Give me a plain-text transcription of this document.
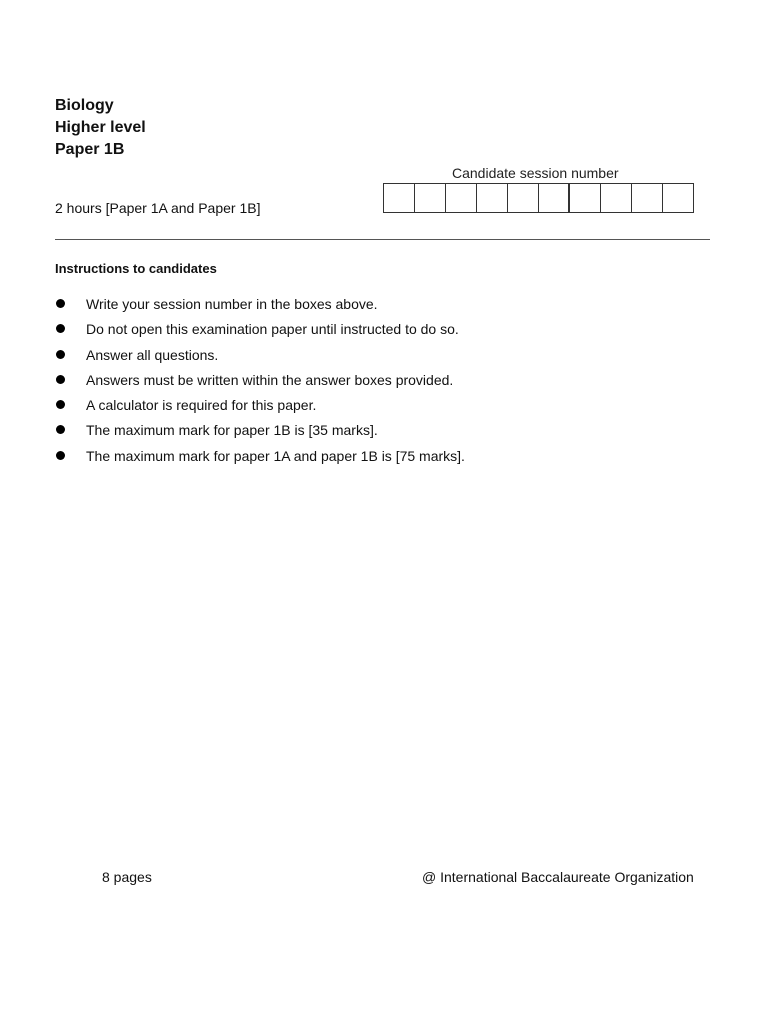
Biology
Higher level
Paper 1B
Candidate session number
2 hours [Paper 1A and Paper 1B]
Instructions to candidates
Write your session number in the boxes above.
Do not open this examination paper until instructed to do so.
Answer all questions.
Answers must be written within the answer boxes provided.
A calculator is required for this paper.
The maximum mark for paper 1B is [35 marks].
The maximum mark for paper 1A and paper 1B is [75 marks].
8 pages	@ International Baccalaureate Organization
